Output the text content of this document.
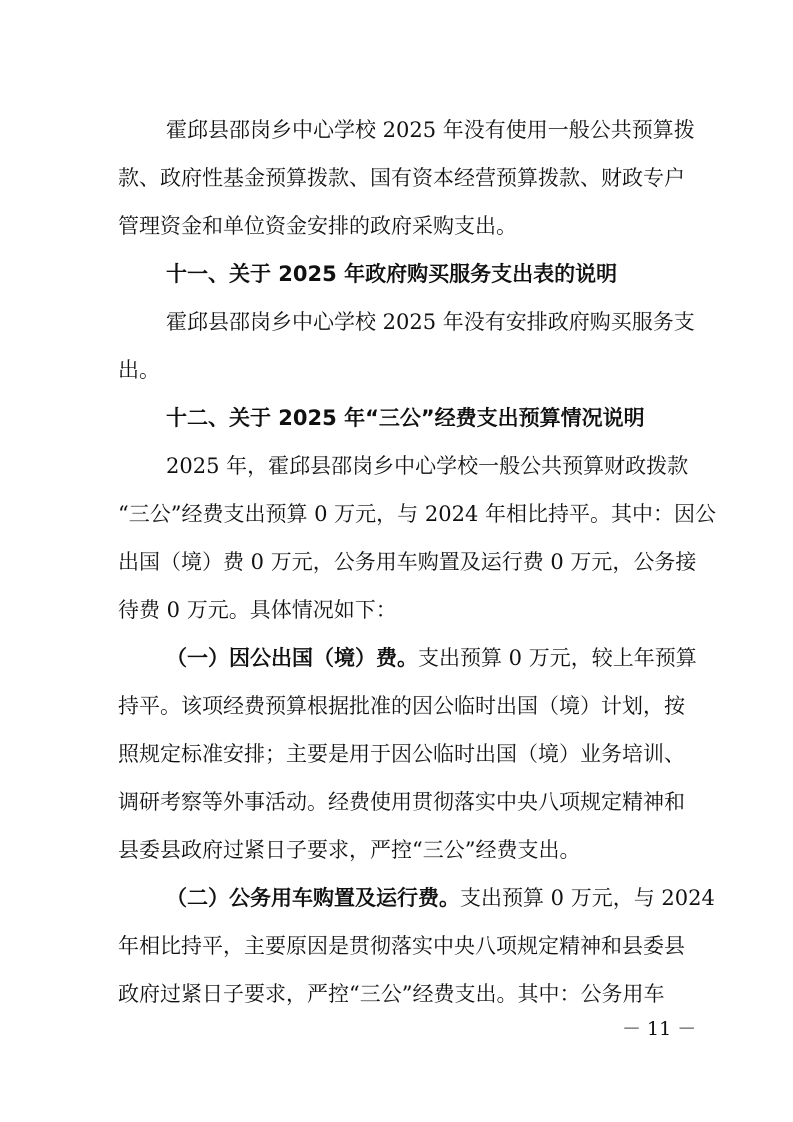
霍邱县邵岗乡中心学校 2025 年没有使用一般公共预算拨
款、政府性基金预算拨款、国有资本经营预算拨款、财政专户
管理资金和单位资金安排的政府采购支出。
十一、关于 2025 年政府购买服务支出表的说明
霍邱县邵岗乡中心学校 2025 年没有安排政府购买服务支
出。
十二、关于 2025 年“三公”经费支出预算情况说明
2025 年，霍邱县邵岗乡中心学校一般公共预算财政拨款
“三公”经费支出预算 0 万元，与 2024 年相比持平。其中：因公
出国（境）费 0 万元，公务用车购置及运行费 0 万元，公务接
待费 0 万元。具体情况如下：
（一）因公出国（境）费。支出预算 0 万元，较上年预算
持平。该项经费预算根据批准的因公临时出国（境）计划，按
照规定标准安排；主要是用于因公临时出国（境）业务培训、
调研考察等外事活动。经费使用贯彻落实中央八项规定精神和
县委县政府过紧日子要求，严控“三公”经费支出。
（二）公务用车购置及运行费。支出预算 0 万元，与 2024
年相比持平，主要原因是贯彻落实中央八项规定精神和县委县
政府过紧日子要求，严控“三公”经费支出。其中：公务用车
－ 11 －
